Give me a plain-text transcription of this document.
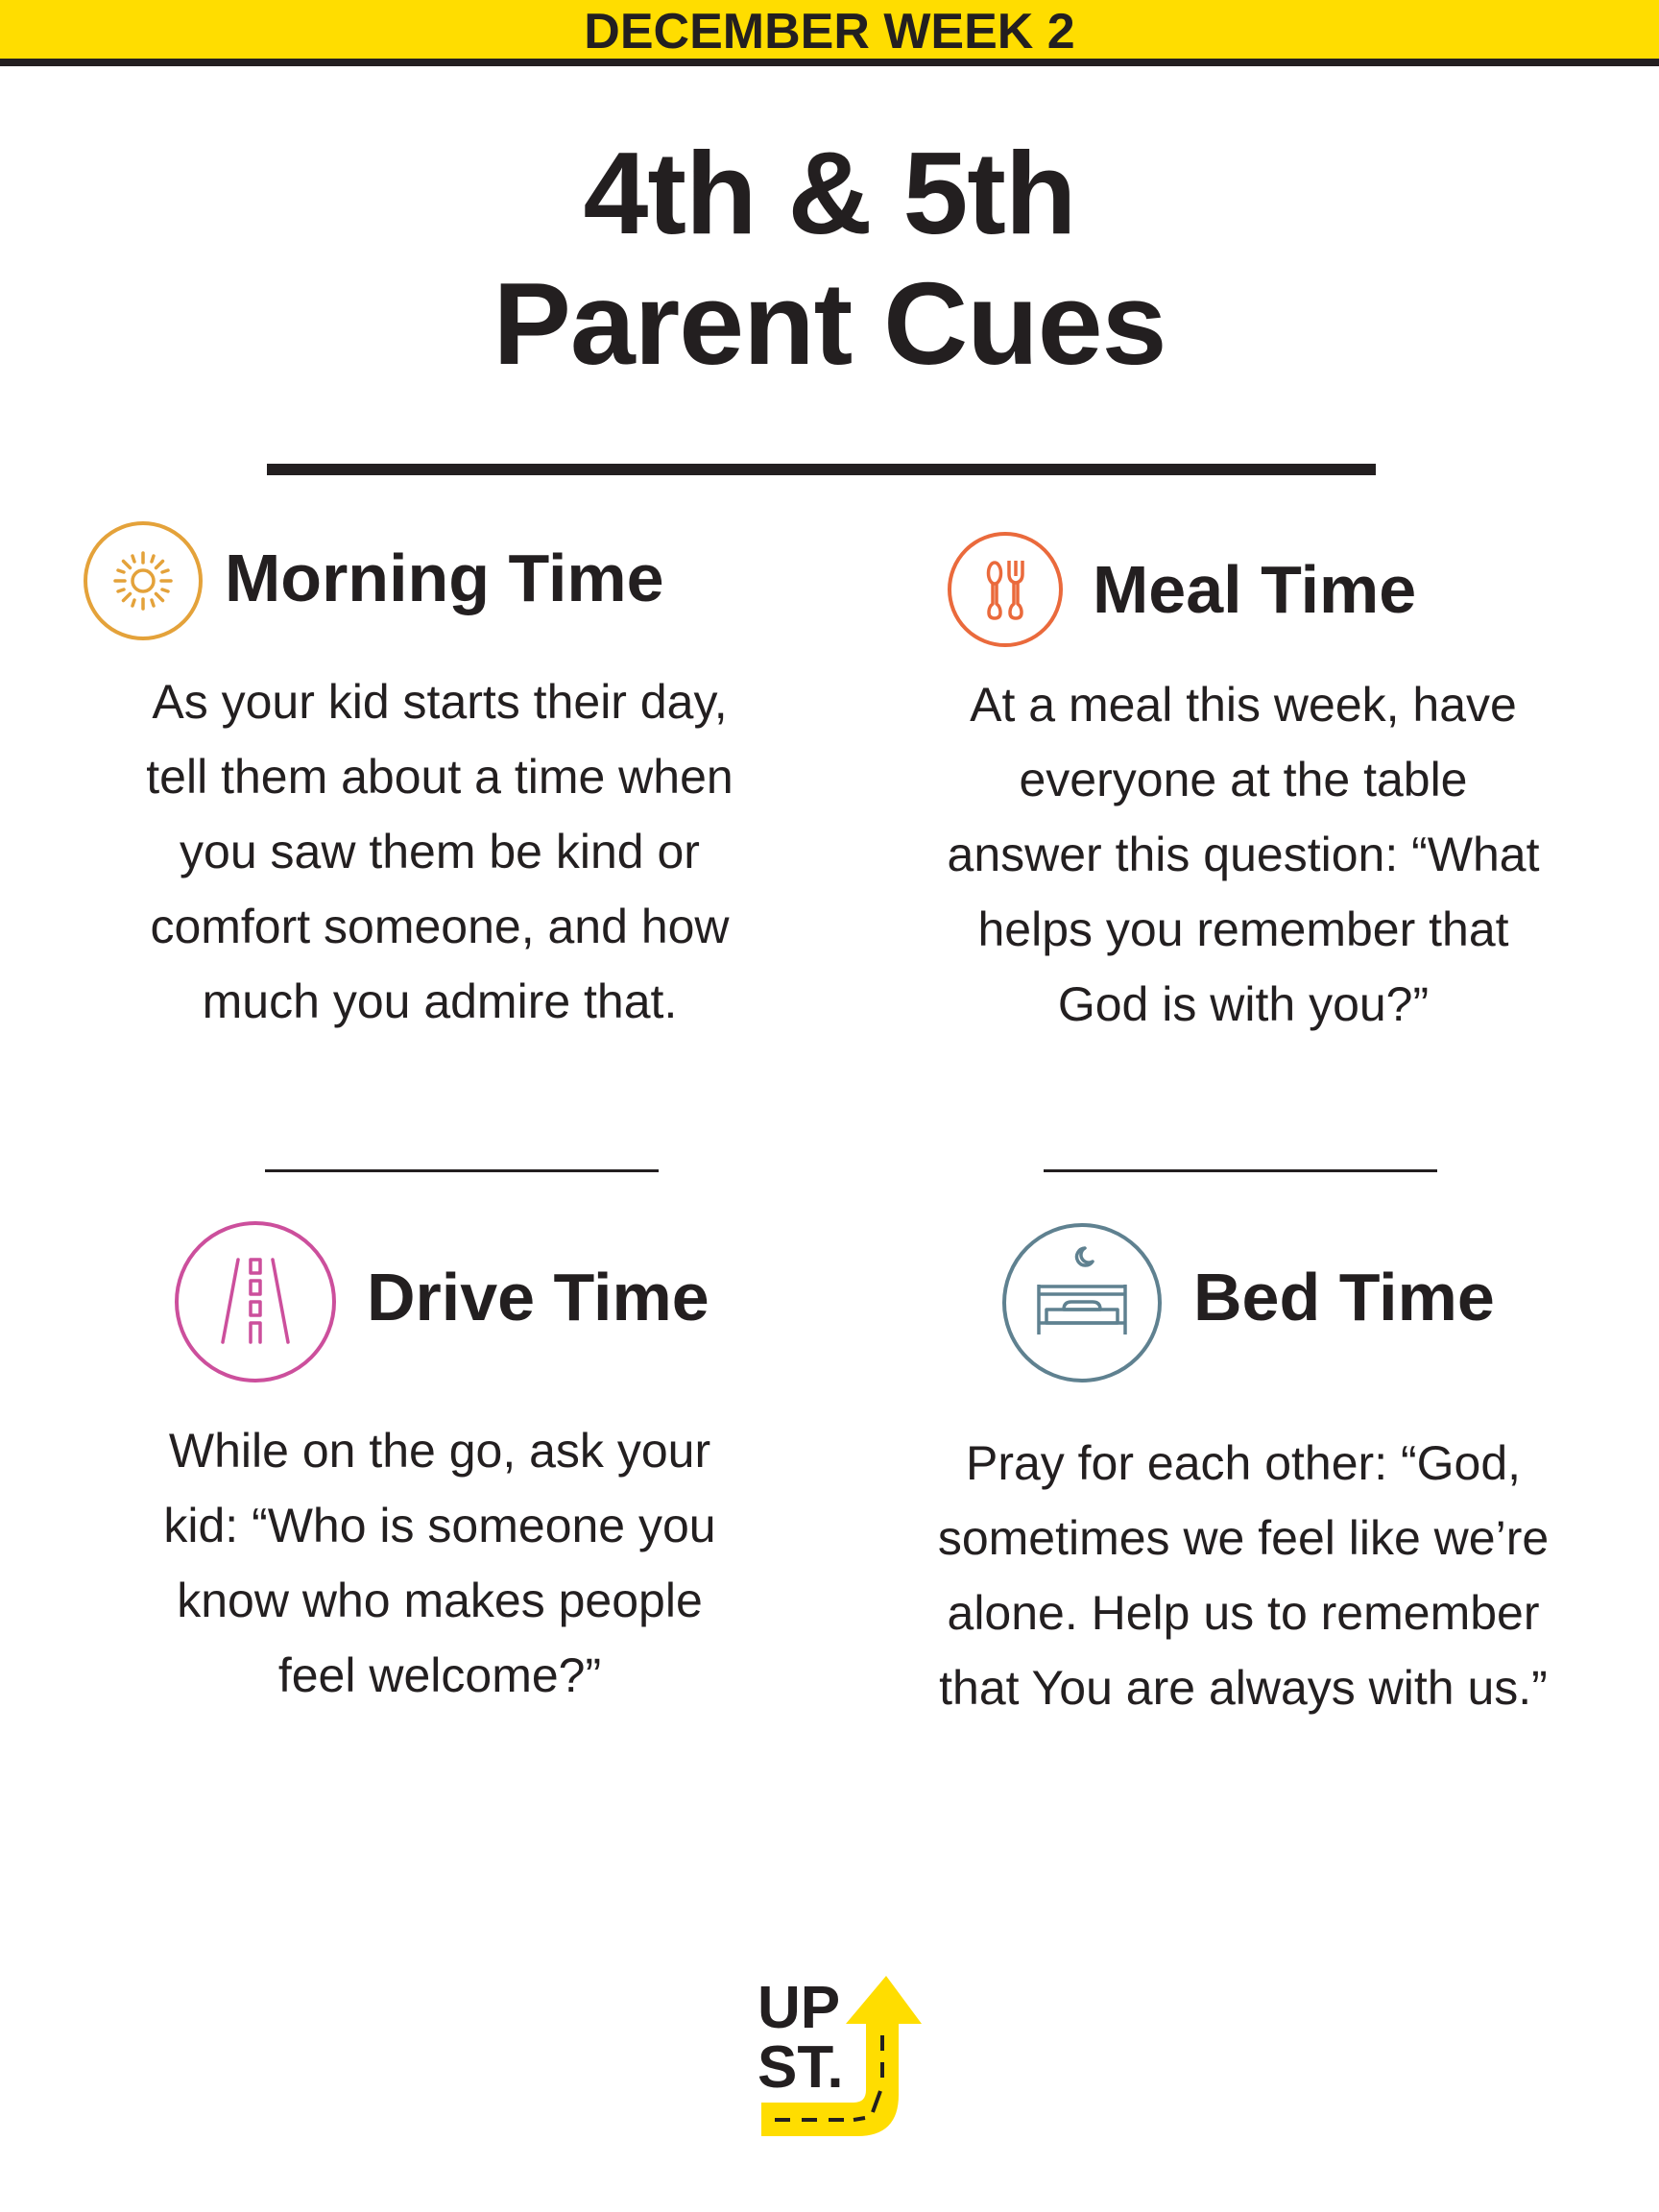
DECEMBER WEEK 2
4th & 5th
Parent Cues
Morning Time
As your kid starts their day,
tell them about a time when
you saw them be kind or
comfort someone, and how
much you admire that.
Meal Time
At a meal this week, have
everyone at the table
answer this question: “What
helps you remember that
God is with you?”
Drive Time
While on the go, ask your
kid: “Who is someone you
know who makes people
feel welcome?”
Bed Time
Pray for each other: “God,
sometimes we feel like we’re
alone. Help us to remember
that You are always with us.”
UP
ST.
